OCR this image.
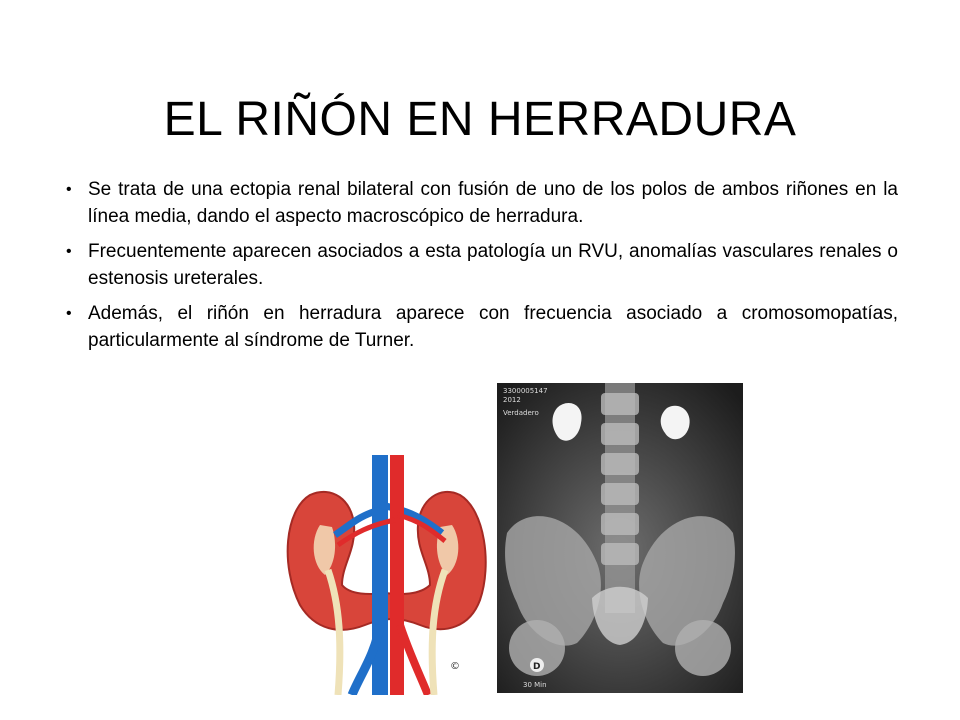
EL RIÑÓN EN HERRADURA
• Se trata de una ectopia renal bilateral con fusión de uno de los polos de ambos riñones en la línea media, dando el aspecto macroscópico de herradura.
• Frecuentemente aparecen asociados a esta patología un RVU, anomalías vasculares renales o estenosis ureterales.
• Además, el riñón en herradura aparece con frecuencia asociado a cromosomopatías, particularmente al síndrome de Turner.
©
3300005147
2012
Verdadero
D
30 Min
